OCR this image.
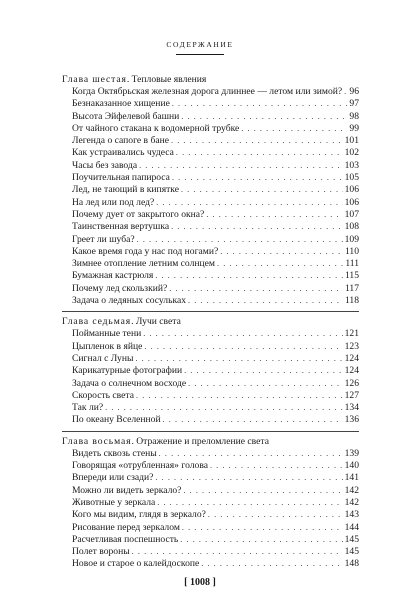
СОДЕРЖАНИЕ
Глава шестая. Тепловые явления
Когда Октябрьская железная дорога длиннее — летом или зимой? . . . 96
Безнаказанное хищение . . .	97
Высота Эйфелевой башни . . .	98
От чайного стакана к водомерной трубке . . .	99
Легенда о сапоге в бане . . .	101
Как устраивались чудеса . . .	102
Часы без завода . . .	103
Поучительная папироса . . .	105
Лед, не тающий в кипятке . . .	106
На лед или под лед? . . .	106
Почему дует от закрытого окна? . . .	107
Таинственная вертушка . . .	108
Греет ли шуба? . . .	109
Какое время года у нас под ногами? . . .	110
Зимнее отопление летним солнцем . . .	111
Бумажная кастрюля . . .	115
Почему лед скользкий? . . .	117
Задача о ледяных сосульках . . .	118
Глава седьмая. Лучи света
Пойманные тени . . .	121
Цыпленок в яйце . . .	123
Сигнал с Луны . . .	124
Карикатурные фотографии . . .	124
Задача о солнечном восходе . . .	126
Скорость света . . .	127
Так ли? . . .	134
По океану Вселенной . . .	136
Глава восьмая. Отражение и преломление света
Видеть сквозь стены . . .	139
Говорящая «отрубленная» голова . . .	140
Впереди или сзади? . . .	141
Можно ли видеть зеркало? . . .	142
Животные у зеркала . . .	142
Кого мы видим, глядя в зеркало? . . .	143
Рисование перед зеркалом . . .	144
Расчетливая поспешность . . .	145
Полет вороны . . .	145
Новое и старое о калейдоскопе . . .	148
[ 1008 ]
